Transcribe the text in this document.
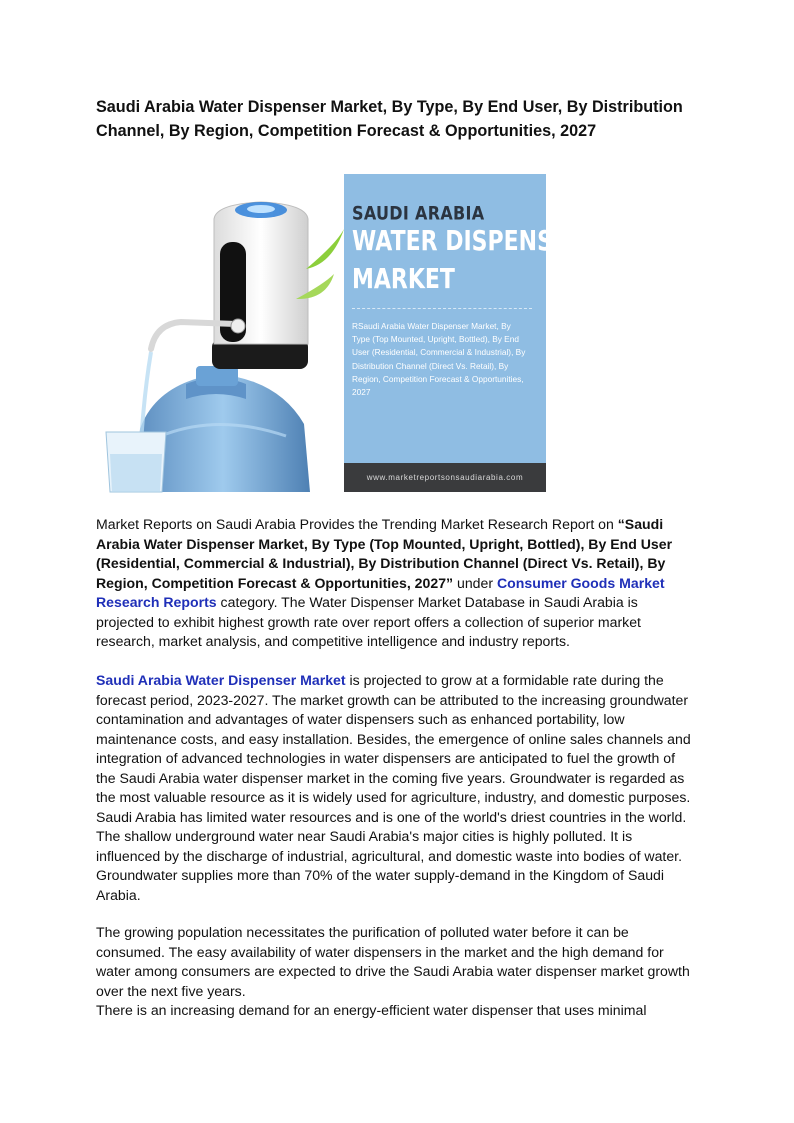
Saudi Arabia Water Dispenser Market, By Type, By End User, By Distribution Channel, By Region, Competition Forecast & Opportunities, 2027
SAUDI ARABIA
WATER DISPENSER
MARKET
RSaudi Arabia Water Dispenser Market, By Type (Top Mounted, Upright, Bottled), By End User (Residential, Commercial & Industrial), By Distribution Channel (Direct Vs. Retail), By Region, Competition Forecast & Opportunities, 2027
www.marketreportsonsaudiarabia.com

Market Reports on Saudi Arabia Provides the Trending Market Research Report on “Saudi Arabia Water Dispenser Market, By Type (Top Mounted, Upright, Bottled), By End User (Residential, Commercial & Industrial), By Distribution Channel (Direct Vs. Retail), By Region, Competition Forecast & Opportunities, 2027” under Consumer Goods Market Research Reports category. The Water Dispenser Market Database in Saudi Arabia is projected to exhibit highest growth rate over report offers a collection of superior market research, market analysis, and competitive intelligence and industry reports.

Saudi Arabia Water Dispenser Market is projected to grow at a formidable rate during the forecast period, 2023-2027. The market growth can be attributed to the increasing groundwater contamination and advantages of water dispensers such as enhanced portability, low maintenance costs, and easy installation. Besides, the emergence of online sales channels and integration of advanced technologies in water dispensers are anticipated to fuel the growth of the Saudi Arabia water dispenser market in the coming five years. Groundwater is regarded as the most valuable resource as it is widely used for agriculture, industry, and domestic purposes. Saudi Arabia has limited water resources and is one of the world's driest countries in the world. The shallow underground water near Saudi Arabia's major cities is highly polluted. It is influenced by the discharge of industrial, agricultural, and domestic waste into bodies of water. Groundwater supplies more than 70% of the water supply-demand in the Kingdom of Saudi Arabia.

The growing population necessitates the purification of polluted water before it can be consumed. The easy availability of water dispensers in the market and the high demand for water among consumers are expected to drive the Saudi Arabia water dispenser market growth over the next five years.

There is an increasing demand for an energy-efficient water dispenser that uses minimal
